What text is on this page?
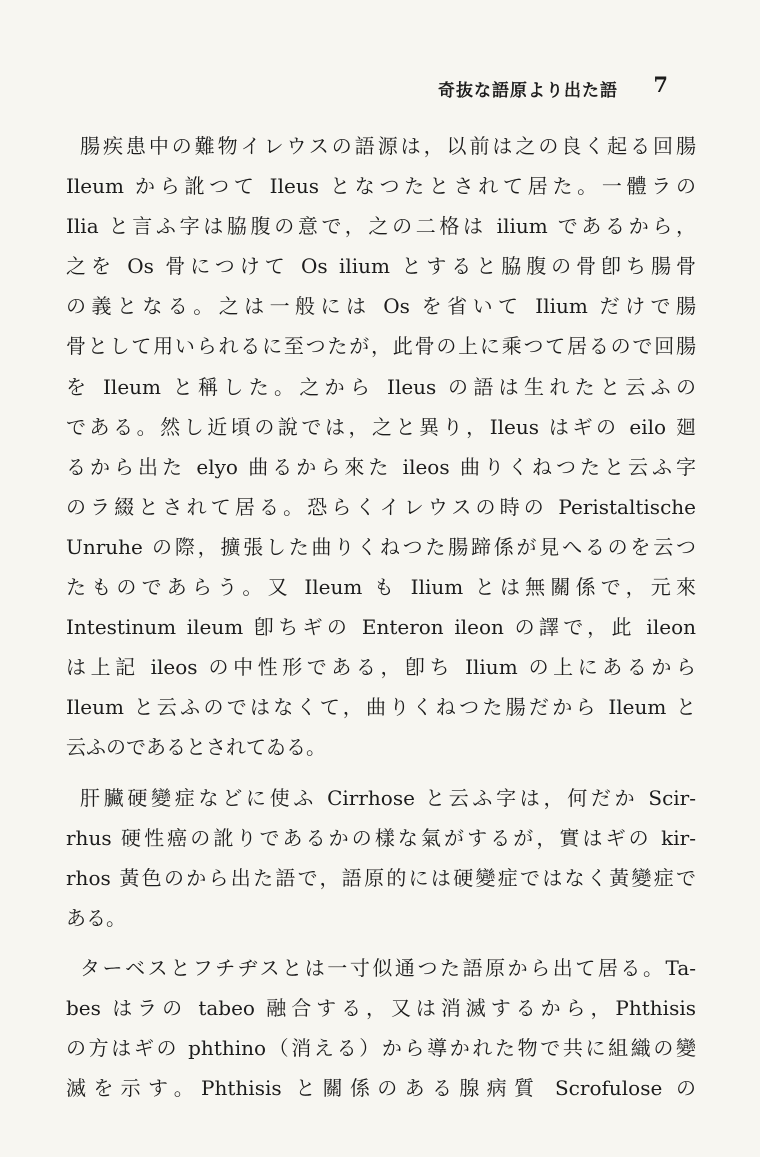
奇抜な語原より出た語 7
腸疾患中の難物イレウスの語源は，以前は之の良く起る回腸
Ileum から訛つて Ileus となつたとされて居た。一體ラの
Ilia と言ふ字は脇腹の意で，之の二格は ilium であるから，
之を Os 骨につけて Os ilium とすると脇腹の骨卽ち腸骨
の義となる。之は一般には Os を省いて Ilium だけで腸
骨として用いられるに至つたが，此骨の上に乘つて居るので回腸
を Ileum と稱した。之から Ileus の語は生れたと云ふの
である。然し近頃の說では，之と異り，Ileus はギの eilo 廻
るから出た elyo 曲るから來た ileos 曲りくねつたと云ふ字
のラ綴とされて居る。恐らくイレウスの時の Peristaltische
Unruhe の際，擴張した曲りくねつた腸蹄係が見へるのを云つ
たものであらう。又 Ileum も Ilium とは無關係で，元來
Intestinum ileum 卽ちギの Enteron ileon の譯で，此 ileon
は上記 ileos の中性形である，卽ち Ilium の上にあるから
Ileum と云ふのではなくて，曲りくねつた腸だから Ileum と
云ふのであるとされてゐる。
肝臟硬變症などに使ふ Cirrhose と云ふ字は，何だか Scir-
rhus 硬性癌の訛りであるかの樣な氣がするが，實はギの kir-
rhos 黃色のから出た語で，語原的には硬變症ではなく黃變症で
ある。
ターベスとフチヂスとは一寸似通つた語原から出て居る。Ta-
bes はラの tabeo 融合する，又は消滅するから，Phthisis
の方はギの phthino（消える）から導かれた物で共に組織の變
滅を示す。Phthisis と關係のある腺病質 Scrofulose の
